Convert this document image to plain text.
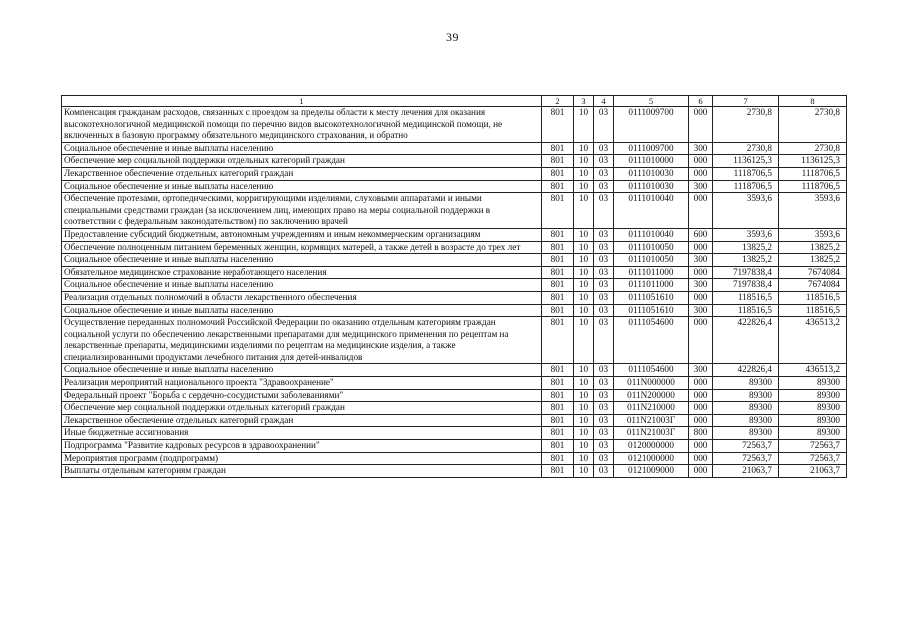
39
1	2	3	4	5	6	7	8
Компенсация гражданам расходов, связанных с проездом за пределы области к месту лечения для оказания высокотехнологичной медицинской помощи по перечню видов высокотехнологичной медицинской помощи, не включенных в базовую программу обязательного медицинского страхования, и обратно	801	10	03	0111009700	000	2730,8	2730,8
Социальное обеспечение и иные выплаты населению	801	10	03	0111009700	300	2730,8	2730,8
Обеспечение мер социальной поддержки отдельных категорий граждан	801	10	03	0111010000	000	1136125,3	1136125,3
Лекарственное обеспечение отдельных категорий граждан	801	10	03	0111010030	000	1118706,5	1118706,5
Социальное обеспечение и иные выплаты населению	801	10	03	0111010030	300	1118706,5	1118706,5
Обеспечение протезами, ортопедическими, корригирующими изделиями, слуховыми аппаратами и иными специальными средствами граждан (за исключением лиц, имеющих право на меры социальной поддержки в соответствии с федеральным законодательством) по заключению врачей	801	10	03	0111010040	000	3593,6	3593,6
Предоставление субсидий бюджетным, автономным учреждениям и иным некоммерческим организациям	801	10	03	0111010040	600	3593,6	3593,6
Обеспечение полноценным питанием беременных женщин, кормящих матерей, а также детей в возрасте до трех лет	801	10	03	0111010050	000	13825,2	13825,2
Социальное обеспечение и иные выплаты населению	801	10	03	0111010050	300	13825,2	13825,2
Обязательное медицинское страхование неработающего населения	801	10	03	0111011000	000	7197838,4	7674084
Социальное обеспечение и иные выплаты населению	801	10	03	0111011000	300	7197838,4	7674084
Реализация отдельных полномочий в области лекарственного обеспечения	801	10	03	0111051610	000	118516,5	118516,5
Социальное обеспечение и иные выплаты населению	801	10	03	0111051610	300	118516,5	118516,5
Осуществление переданных полномочий Российской Федерации по оказанию отдельным категориям граждан социальной услуги по обеспечению лекарственными препаратами для медицинского применения по рецептам на лекарственные препараты, медицинскими изделиями по рецептам на медицинские изделия, а также специализированными продуктами лечебного питания для детей-инвалидов	801	10	03	0111054600	000	422826,4	436513,2
Социальное обеспечение и иные выплаты населению	801	10	03	0111054600	300	422826,4	436513,2
Реализация мероприятий национального проекта "Здравоохранение"	801	10	03	011N000000	000	89300	89300
Федеральный проект "Борьба с сердечно-сосудистыми заболеваниями"	801	10	03	011N200000	000	89300	89300
Обеспечение мер социальной поддержки отдельных категорий граждан	801	10	03	011N210000	000	89300	89300
Лекарственное обеспечение отдельных категорий граждан	801	10	03	011N21003Г	000	89300	89300
Иные бюджетные ассигнования	801	10	03	011N21003Г	800	89300	89300
Подпрограмма "Развитие кадровых ресурсов в здравоохранении"	801	10	03	0120000000	000	72563,7	72563,7
Мероприятия программ (подпрограмм)	801	10	03	0121000000	000	72563,7	72563,7
Выплаты отдельным категориям граждан	801	10	03	0121009000	000	21063,7	21063,7
